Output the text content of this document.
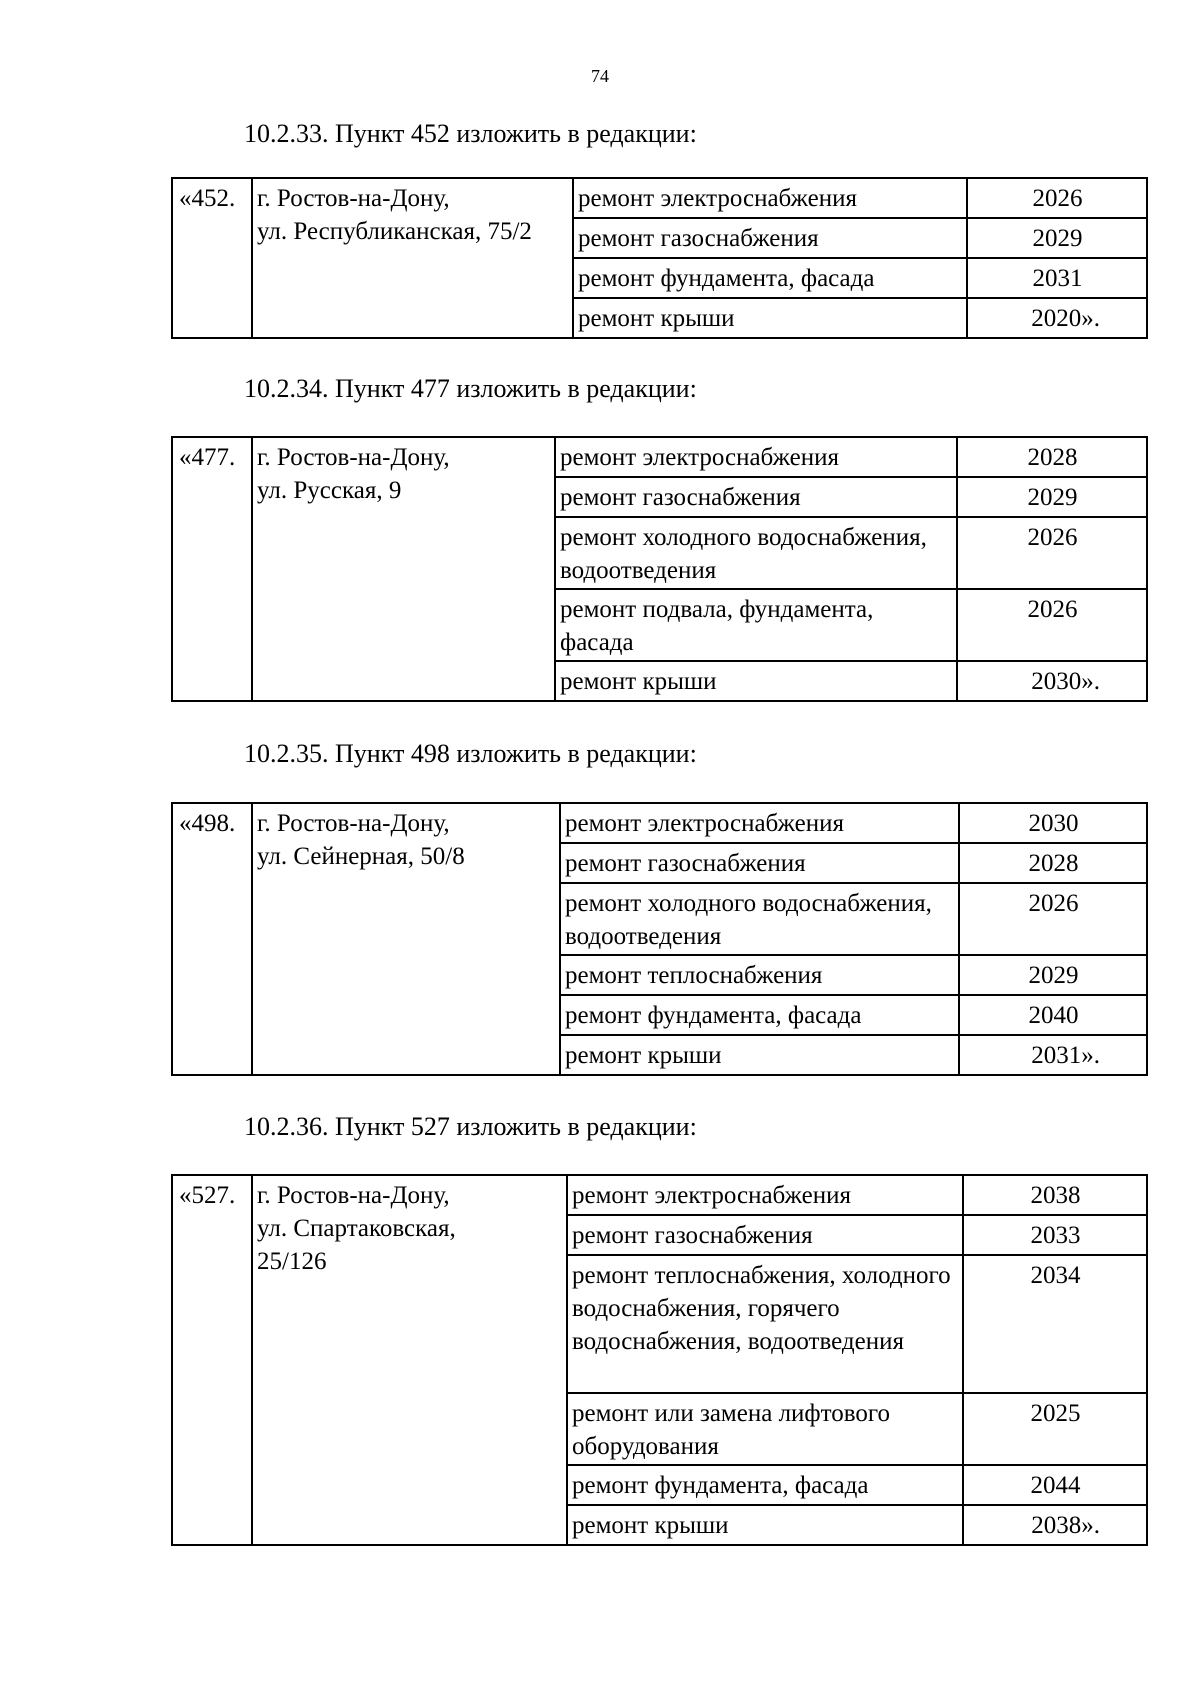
74
10.2.33. Пункт 452 изложить в редакции:
«452.	г. Ростов-на-Дону,
ул. Республиканская, 75/2	ремонт электроснабжения	2026
		ремонт газоснабжения	2029
		ремонт фундамента, фасада	2031
		ремонт крыши	2020».
10.2.34. Пункт 477 изложить в редакции:
«477.	г. Ростов-на-Дону,
ул. Русская, 9	ремонт электроснабжения	2028
		ремонт газоснабжения	2029
		ремонт холодного водоснабжения, водоотведения	2026
		ремонт подвала, фундамента, фасада	2026
		ремонт крыши	2030».
10.2.35. Пункт 498 изложить в редакции:
«498.	г. Ростов-на-Дону,
ул. Сейнерная, 50/8	ремонт электроснабжения	2030
		ремонт газоснабжения	2028
		ремонт холодного водоснабжения, водоотведения	2026
		ремонт теплоснабжения	2029
		ремонт фундамента, фасада	2040
		ремонт крыши	2031».
10.2.36. Пункт 527 изложить в редакции:
«527.	г. Ростов-на-Дону,
ул. Спартаковская,
25/126	ремонт электроснабжения	2038
		ремонт газоснабжения	2033
		ремонт теплоснабжения, холодного водоснабжения, горячего водоснабжения, водоотведения	2034
		ремонт или замена лифтового оборудования	2025
		ремонт фундамента, фасада	2044
		ремонт крыши	2038».
